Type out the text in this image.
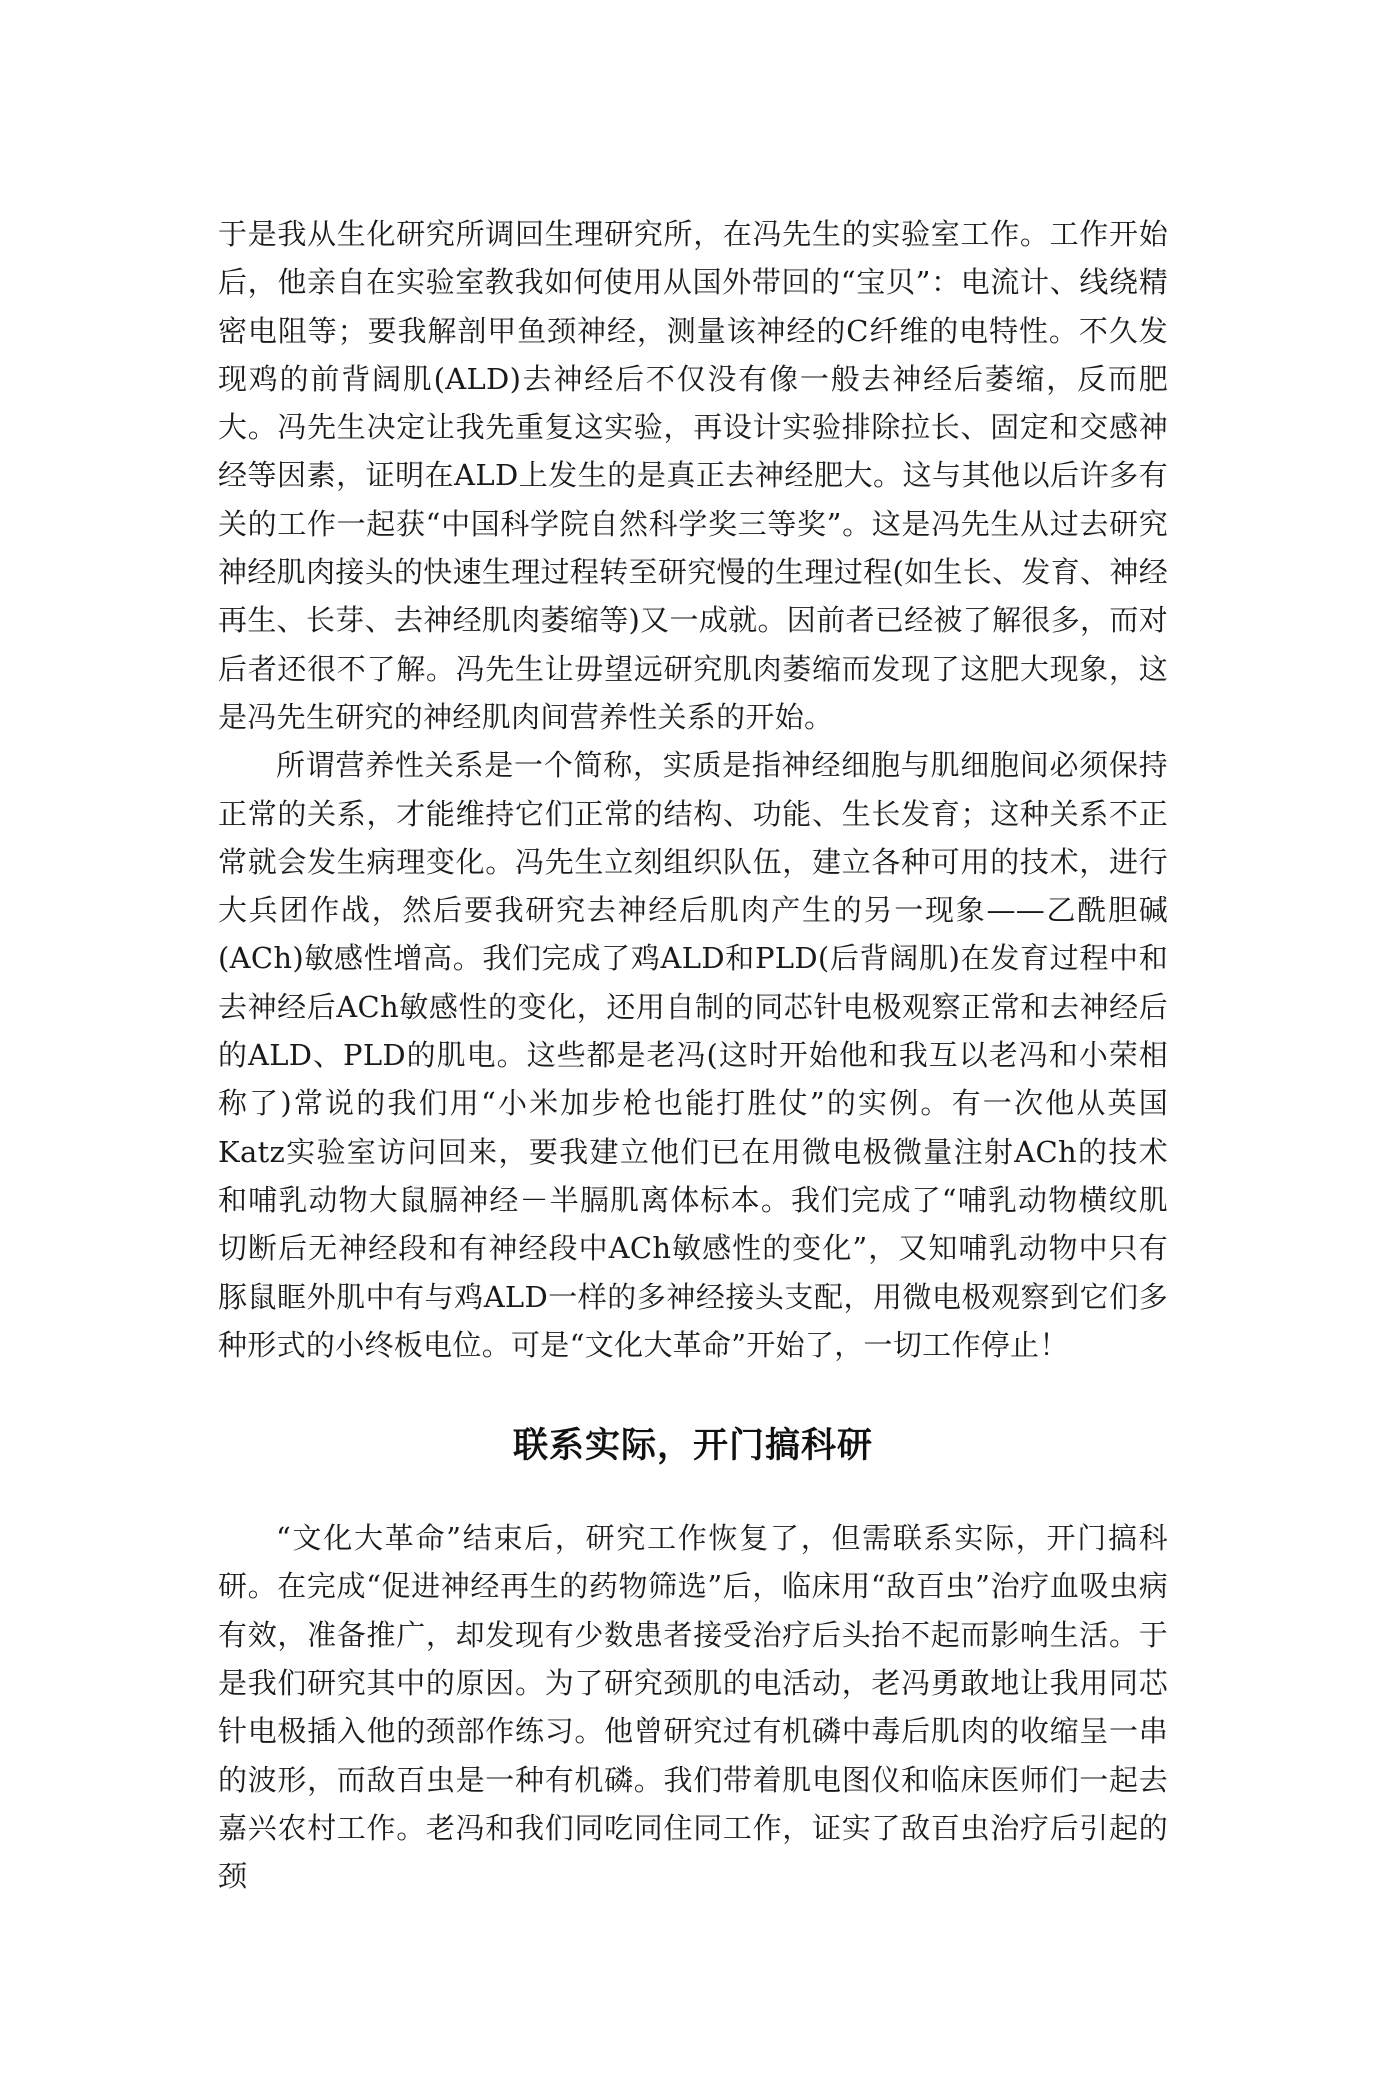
于是我从生化研究所调回生理研究所，在冯先生的实验室工作。工作开始后，他亲自在实验室教我如何使用从国外带回的“宝贝”：电流计、线绕精密电阻等；要我解剖甲鱼颈神经，测量该神经的C纤维的电特性。不久发现鸡的前背阔肌(ALD)去神经后不仅没有像一般去神经后萎缩，反而肥大。冯先生决定让我先重复这实验，再设计实验排除拉长、固定和交感神经等因素，证明在ALD上发生的是真正去神经肥大。这与其他以后许多有关的工作一起获“中国科学院自然科学奖三等奖”。这是冯先生从过去研究神经肌肉接头的快速生理过程转至研究慢的生理过程(如生长、发育、神经再生、长芽、去神经肌肉萎缩等)又一成就。因前者已经被了解很多，而对后者还很不了解。冯先生让毋望远研究肌肉萎缩而发现了这肥大现象，这是冯先生研究的神经肌肉间营养性关系的开始。

所谓营养性关系是一个简称，实质是指神经细胞与肌细胞间必须保持正常的关系，才能维持它们正常的结构、功能、生长发育；这种关系不正常就会发生病理变化。冯先生立刻组织队伍，建立各种可用的技术，进行大兵团作战，然后要我研究去神经后肌肉产生的另一现象——乙酰胆碱(ACh)敏感性增高。我们完成了鸡ALD和PLD(后背阔肌)在发育过程中和去神经后ACh敏感性的变化，还用自制的同芯针电极观察正常和去神经后的ALD、PLD的肌电。这些都是老冯(这时开始他和我互以老冯和小荣相称了)常说的我们用“小米加步枪也能打胜仗”的实例。有一次他从英国Katz实验室访问回来，要我建立他们已在用微电极微量注射ACh的技术和哺乳动物大鼠膈神经－半膈肌离体标本。我们完成了“哺乳动物横纹肌切断后无神经段和有神经段中ACh敏感性的变化”，又知哺乳动物中只有豚鼠眶外肌中有与鸡ALD一样的多神经接头支配，用微电极观察到它们多种形式的小终板电位。可是“文化大革命”开始了，一切工作停止！

联系实际，开门搞科研

“文化大革命”结束后，研究工作恢复了，但需联系实际，开门搞科研。在完成“促进神经再生的药物筛选”后，临床用“敌百虫”治疗血吸虫病有效，准备推广，却发现有少数患者接受治疗后头抬不起而影响生活。于是我们研究其中的原因。为了研究颈肌的电活动，老冯勇敢地让我用同芯针电极插入他的颈部作练习。他曾研究过有机磷中毒后肌肉的收缩呈一串的波形，而敌百虫是一种有机磷。我们带着肌电图仪和临床医师们一起去嘉兴农村工作。老冯和我们同吃同住同工作，证实了敌百虫治疗后引起的颈
